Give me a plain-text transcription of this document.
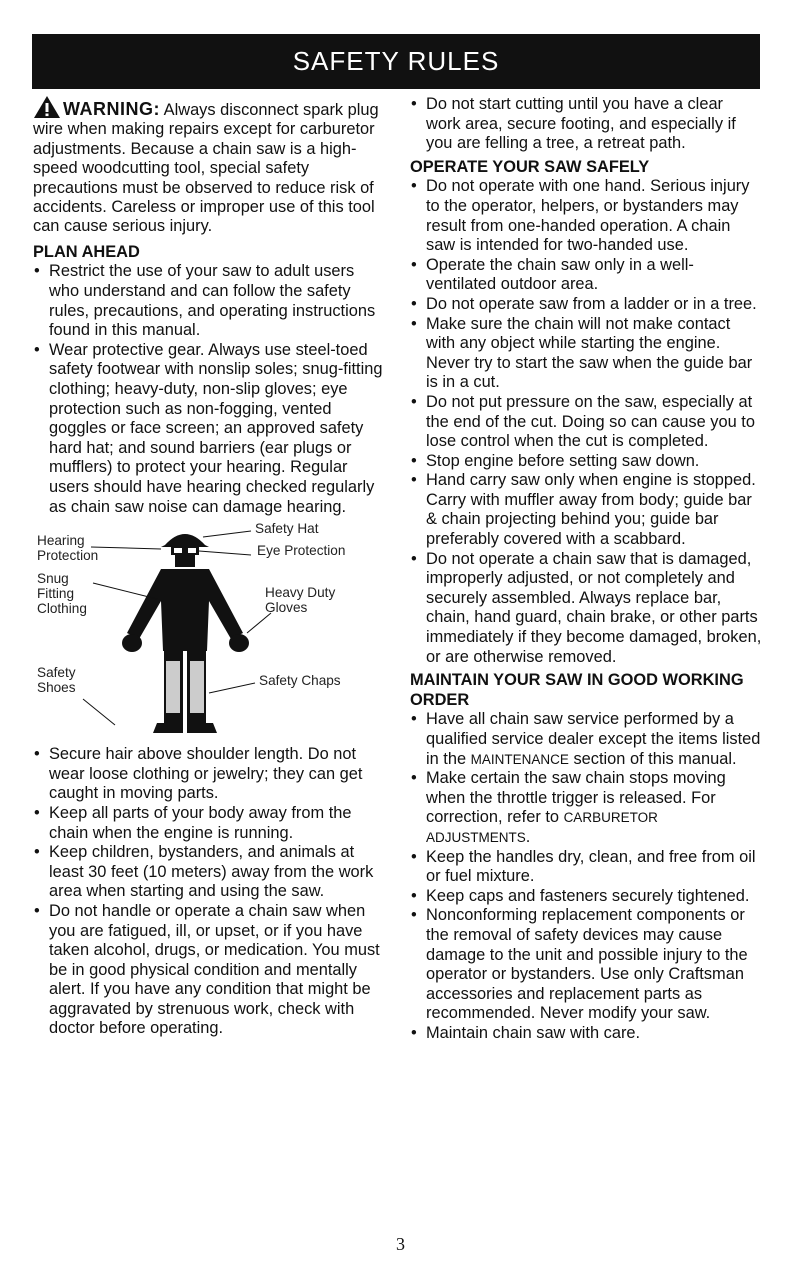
SAFETY RULES

WARNING: Always disconnect spark plug wire when making repairs except for carburetor adjustments. Because a chain saw is a high-speed woodcutting tool, special safety precautions must be observed to reduce risk of accidents. Careless or improper use of this tool can cause serious injury.

PLAN AHEAD
• Restrict the use of your saw to adult users who understand and can follow the safety rules, precautions, and operating instructions found in this manual.
• Wear protective gear. Always use steel-toed safety footwear with nonslip soles; snug-fitting clothing; heavy-duty, non-slip gloves; eye protection such as non-fogging, vented goggles or face screen; an approved safety hard hat; and sound barriers (ear plugs or mufflers) to protect your hearing. Regular users should have hearing checked regularly as chain saw noise can damage hearing.
Hearing Protection
Safety Hat
Eye Protection
Snug Fitting Clothing
Heavy Duty Gloves
Safety Shoes	Safety Chaps
• Secure hair above shoulder length. Do not wear loose clothing or jewelry; they can get caught in moving parts.
• Keep all parts of your body away from the chain when the engine is running.
• Keep children, bystanders, and animals at least 30 feet (10 meters) away from the work area when starting and using the saw.
• Do not handle or operate a chain saw when you are fatigued, ill, or upset, or if you have taken alcohol, drugs, or medication. You must be in good physical condition and mentally alert. If you have any condition that might be aggravated by strenuous work, check with doctor before operating.
• Do not start cutting until you have a clear work area, secure footing, and especially if you are felling a tree, a retreat path.
OPERATE YOUR SAW SAFELY
• Do not operate with one hand. Serious injury to the operator, helpers, or bystanders may result from one-handed operation. A chain saw is intended for two-handed use.
• Operate the chain saw only in a well-ventilated outdoor area.
• Do not operate saw from a ladder or in a tree.
• Make sure the chain will not make contact with any object while starting the engine. Never try to start the saw when the guide bar is in a cut.
• Do not put pressure on the saw, especially at the end of the cut. Doing so can cause you to lose control when the cut is completed.
• Stop engine before setting saw down.
• Hand carry saw only when engine is stopped. Carry with muffler away from body; guide bar & chain projecting behind you; guide bar preferably covered with a scabbard.
• Do not operate a chain saw that is damaged, improperly adjusted, or not completely and securely assembled. Always replace bar, chain, hand guard, chain brake, or other parts immediately if they become damaged, broken, or are otherwise removed.
MAINTAIN YOUR SAW IN GOOD WORKING ORDER
• Have all chain saw service performed by a qualified service dealer except the items listed in the MAINTENANCE section of this manual.
• Make certain the saw chain stops moving when the throttle trigger is released. For correction, refer to CARBURETOR ADJUSTMENTS.
• Keep the handles dry, clean, and free from oil or fuel mixture.
• Keep caps and fasteners securely tightened.
• Nonconforming replacement components or the removal of safety devices may cause damage to the unit and possible injury to the operator or bystanders. Use only Craftsman accessories and replacement parts as recommended. Never modify your saw.
• Maintain chain saw with care.
3
